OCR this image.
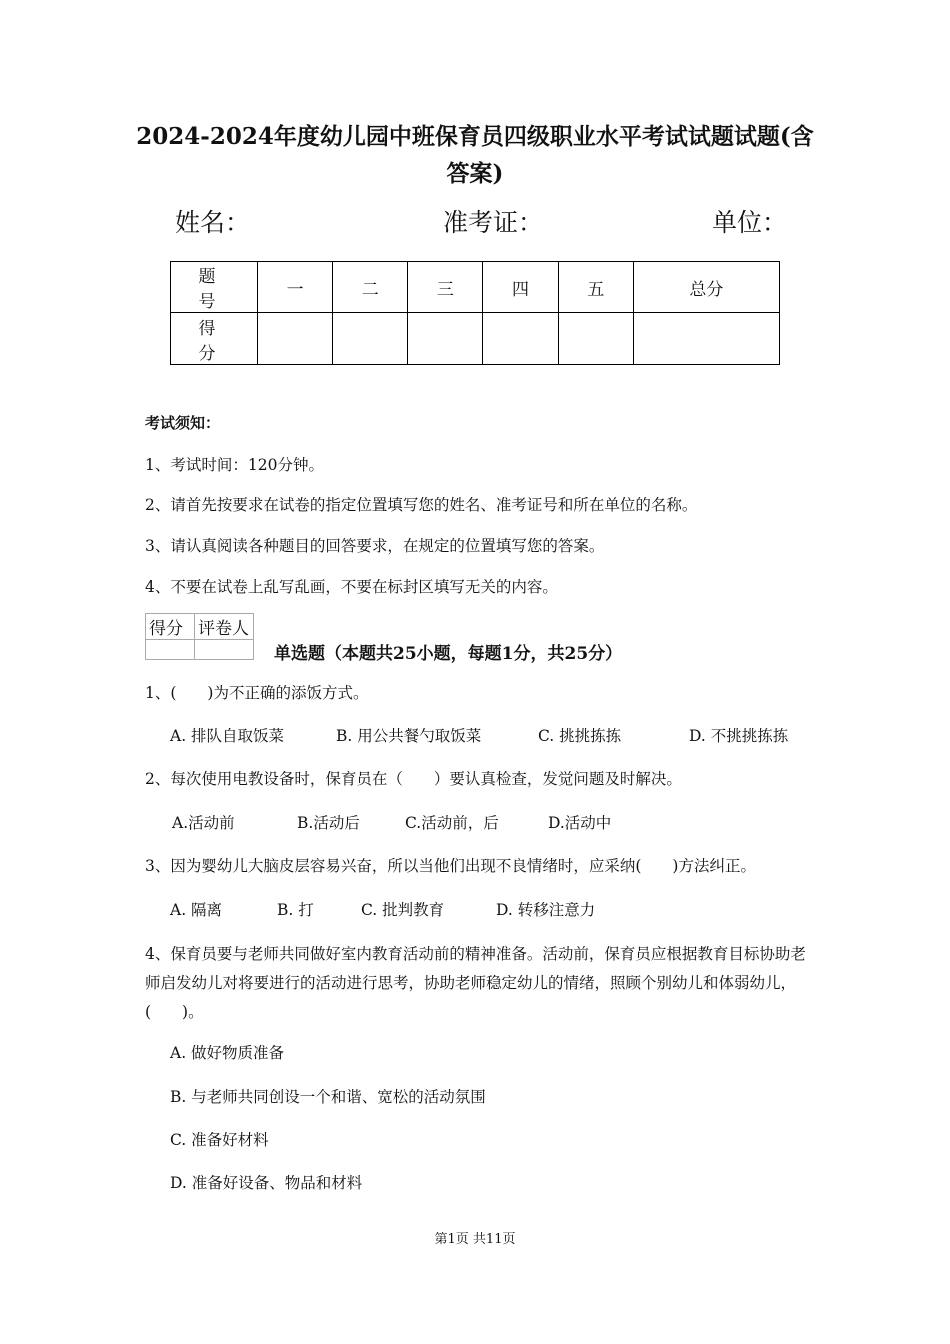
2024-2024年度幼儿园中班保育员四级职业水平考试试题试题(含答案)
姓名：	准考证：	单位：
题　号	一	二	三	四	五	总分
得　分						
考试须知：
1、考试时间：120分钟。
2、请首先按要求在试卷的指定位置填写您的姓名、准考证号和所在单位的名称。
3、请认真阅读各种题目的回答要求，在规定的位置填写您的答案。
4、不要在试卷上乱写乱画，不要在标封区填写无关的内容。
得分	评卷人

单选题（本题共25小题，每题1分，共25分）
1、(　　)为不正确的添饭方式。
A. 排队自取饭菜	B. 用公共餐勺取饭菜	C. 挑挑拣拣	D. 不挑挑拣拣
2、每次使用电教设备时，保育员在（　　）要认真检查，发觉问题及时解决。
A.活动前	B.活动后	C.活动前，后	D.活动中
3、因为婴幼儿大脑皮层容易兴奋，所以当他们出现不良情绪时，应采纳(　　)方法纠正。
A. 隔离	B. 打	C. 批判教育	D. 转移注意力
4、保育员要与老师共同做好室内教育活动前的精神准备。活动前，保育员应根据教育目标协助老师启发幼儿对将要进行的活动进行思考，协助老师稳定幼儿的情绪，照顾个别幼儿和体弱幼儿，(　　)。
A. 做好物质准备
B. 与老师共同创设一个和谐、宽松的活动氛围
C. 准备好材料
D. 准备好设备、物品和材料
第1页 共11页
